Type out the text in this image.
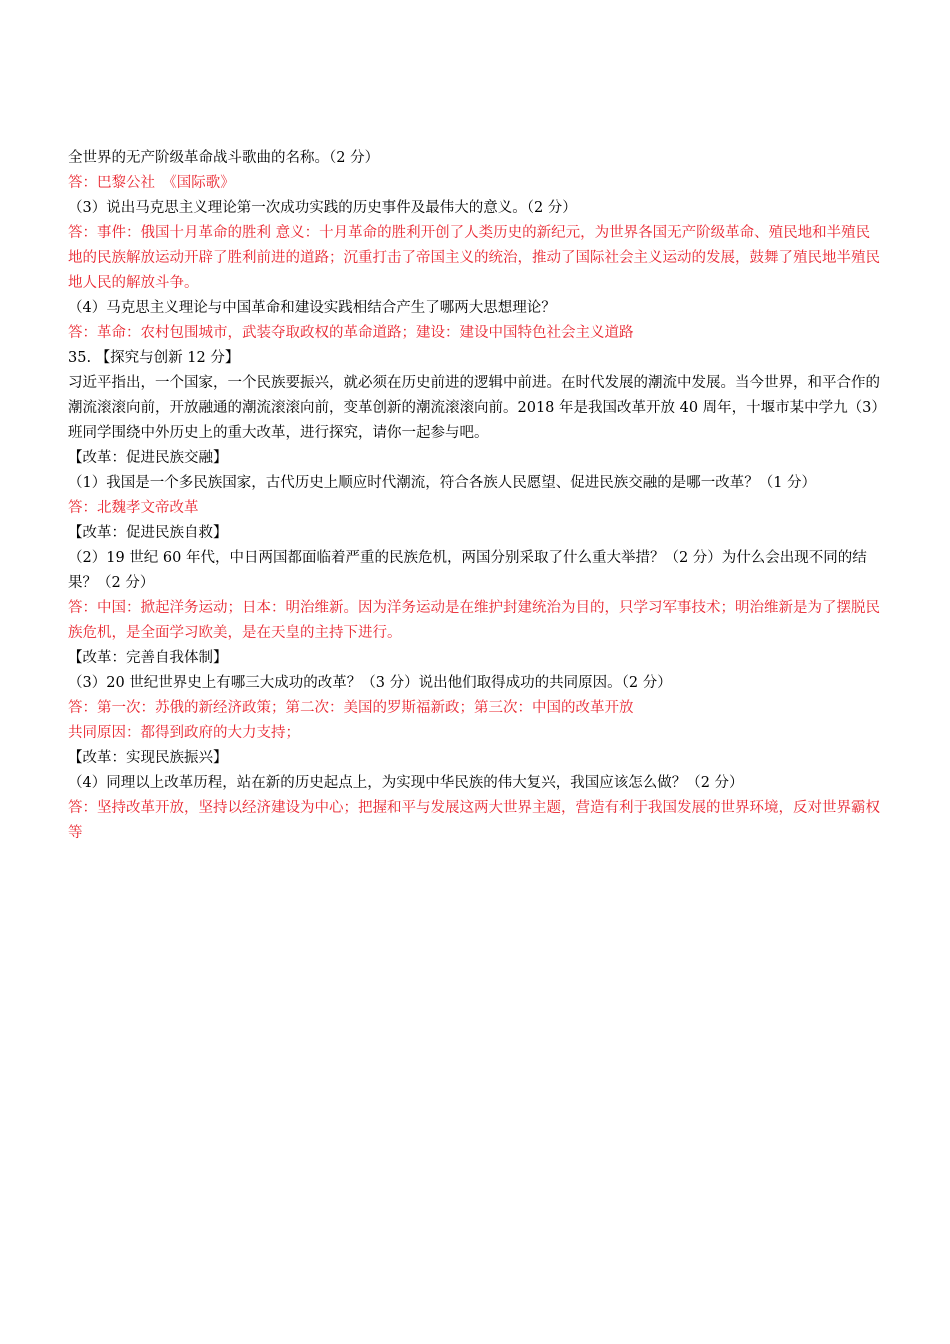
全世界的无产阶级革命战斗歌曲的名称。（2 分）
答：巴黎公社　《国际歌》
（3）说出马克思主义理论第一次成功实践的历史事件及最伟大的意义。（2 分）
答：事件：俄国十月革命的胜利 意义：十月革命的胜利开创了人类历史的新纪元，为世界各国无产阶级革命、殖民地和半殖民地的民族解放运动开辟了胜利前进的道路；沉重打击了帝国主义的统治，推动了国际社会主义运动的发展，鼓舞了殖民地半殖民地人民的解放斗争。
（4）马克思主义理论与中国革命和建设实践相结合产生了哪两大思想理论？
答：革命：农村包围城市，武装夺取政权的革命道路；建设：建设中国特色社会主义道路
35. 【探究与创新 12 分】
习近平指出，一个国家，一个民族要振兴，就必须在历史前进的逻辑中前进。在时代发展的潮流中发展。当今世界，和平合作的潮流滚滚向前，开放融通的潮流滚滚向前，变革创新的潮流滚滚向前。2018 年是我国改革开放 40 周年，十堰市某中学九（3）班同学围绕中外历史上的重大改革，进行探究，请你一起参与吧。
【改革：促进民族交融】
（1）我国是一个多民族国家，古代历史上顺应时代潮流，符合各族人民愿望、促进民族交融的是哪一改革？（1 分）
答：北魏孝文帝改革
【改革：促进民族自救】
（2）19 世纪 60 年代，中日两国都面临着严重的民族危机，两国分别采取了什么重大举措？（2 分）为什么会出现不同的结果？（2 分）
答：中国：掀起洋务运动；日本：明治维新。因为洋务运动是在维护封建统治为目的，只学习军事技术；明治维新是为了摆脱民族危机，是全面学习欧美，是在天皇的主持下进行。
【改革：完善自我体制】
（3）20 世纪世界史上有哪三大成功的改革？（3 分）说出他们取得成功的共同原因。（2 分）
答：第一次：苏俄的新经济政策；第二次：美国的罗斯福新政；第三次：中国的改革开放
共同原因：都得到政府的大力支持；
【改革：实现民族振兴】
（4）同理以上改革历程，站在新的历史起点上，为实现中华民族的伟大复兴，我国应该怎么做？（2 分）
答：坚持改革开放，坚持以经济建设为中心；把握和平与发展这两大世界主题，营造有利于我国发展的世界环境，反对世界霸权等
